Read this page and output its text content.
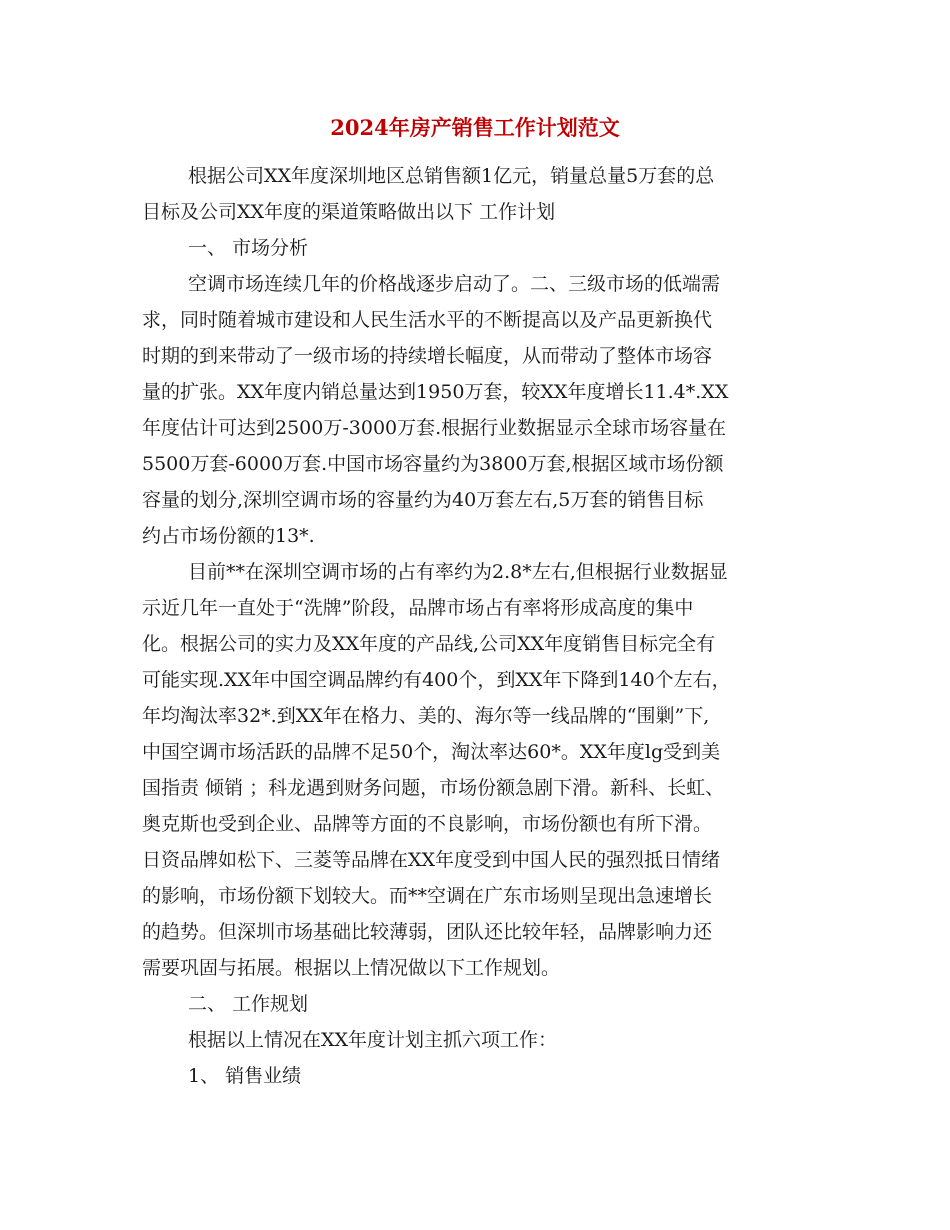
2024年房产销售工作计划范文
根据公司XX年度深圳地区总销售额1亿元，销量总量5万套的总
目标及公司XX年度的渠道策略做出以下 工作计划
一、 市场分析
空调市场连续几年的价格战逐步启动了。二、三级市场的低端需
求，同时随着城市建设和人民生活水平的不断提高以及产品更新换代
时期的到来带动了一级市场的持续增长幅度，从而带动了整体市场容
量的扩张。XX年度内销总量达到1950万套，较XX年度增长11.4*.XX
年度估计可达到2500万-3000万套.根据行业数据显示全球市场容量在
5500万套-6000万套.中国市场容量约为3800万套,根据区域市场份额
容量的划分,深圳空调市场的容量约为40万套左右,5万套的销售目标
约占市场份额的13*.
目前**在深圳空调市场的占有率约为2.8*左右,但根据行业数据显
示近几年一直处于“洗牌”阶段，品牌市场占有率将形成高度的集中
化。根据公司的实力及XX年度的产品线,公司XX年度销售目标完全有
可能实现.XX年中国空调品牌约有400个，到XX年下降到140个左右，
年均淘汰率32*.到XX年在格力、美的、海尔等一线品牌的“围剿”下,
中国空调市场活跃的品牌不足50个，淘汰率达60*。XX年度lg受到美
国指责 倾销 ；科龙遇到财务问题，市场份额急剧下滑。新科、长虹、
奥克斯也受到企业、品牌等方面的不良影响，市场份额也有所下滑。
日资品牌如松下、三菱等品牌在XX年度受到中国人民的强烈抵日情绪
的影响，市场份额下划较大。而**空调在广东市场则呈现出急速增长
的趋势。但深圳市场基础比较薄弱，团队还比较年轻，品牌影响力还
需要巩固与拓展。根据以上情况做以下工作规划。
二、 工作规划
根据以上情况在XX年度计划主抓六项工作：
1、 销售业绩
